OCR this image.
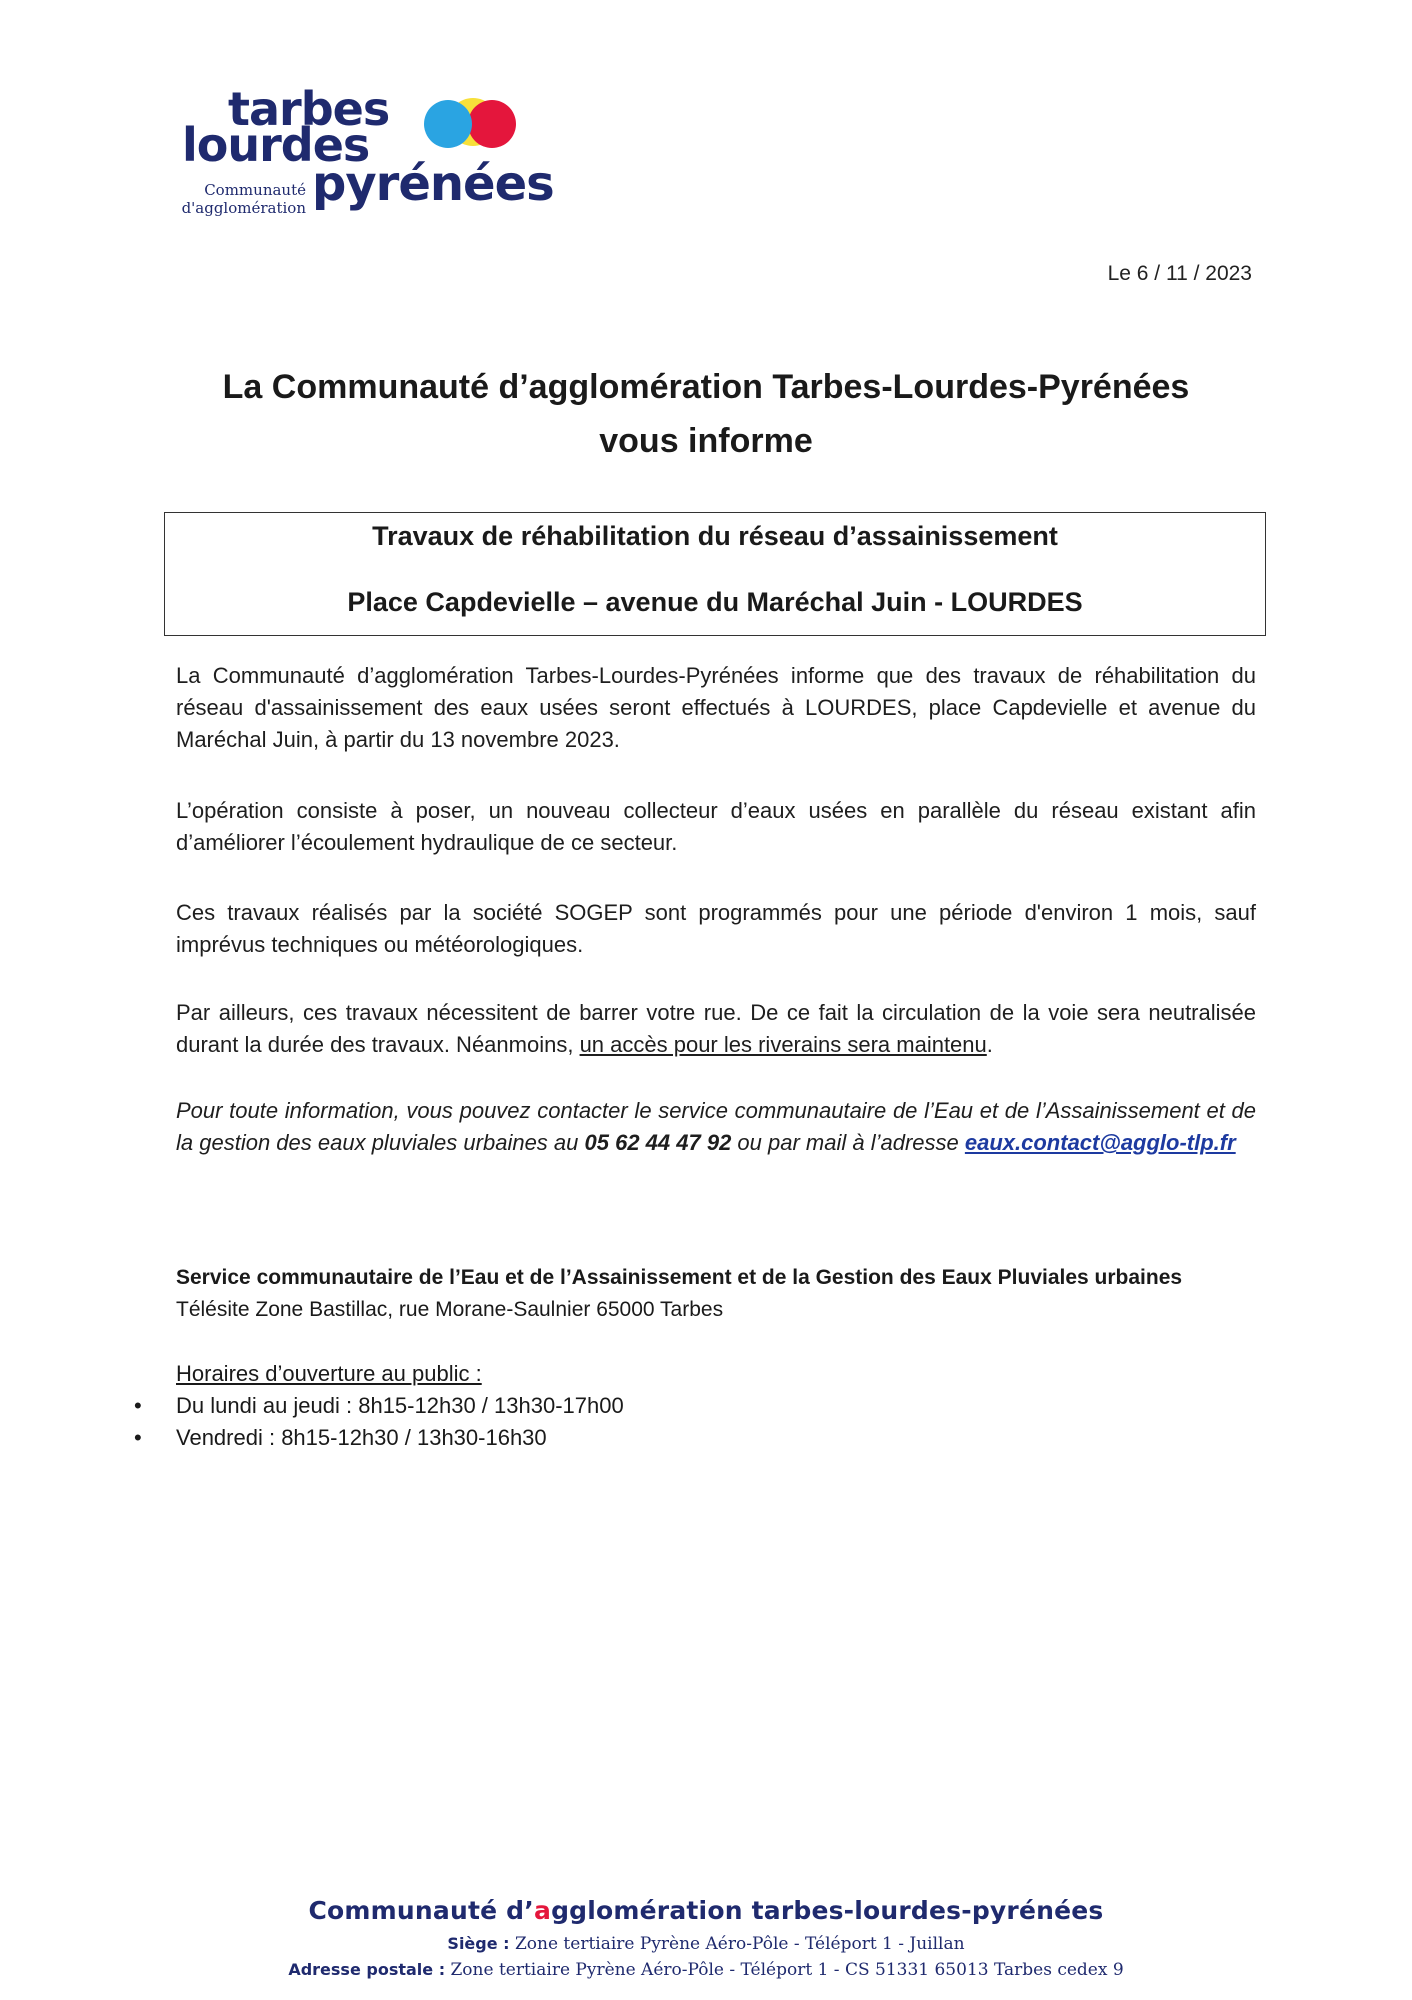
tarbes
lourdes
pyrénées
Communauté
d'agglomération
Le 6 / 11 / 2023
La Communauté d’agglomération Tarbes-Lourdes-Pyrénées
vous informe
Travaux de réhabilitation du réseau d’assainissement
Place Capdevielle – avenue du Maréchal Juin - LOURDES

La Communauté d’agglomération Tarbes-Lourdes-Pyrénées informe que des travaux de réhabilitation du réseau d'assainissement des eaux usées seront effectués à LOURDES, place Capdevielle et avenue du Maréchal Juin, à partir du 13 novembre 2023.

L’opération consiste à poser, un nouveau collecteur d’eaux usées en parallèle du réseau existant afin d’améliorer l’écoulement hydraulique de ce secteur.

Ces travaux réalisés par la société SOGEP sont programmés pour une période d'environ 1 mois, sauf imprévus techniques ou météorologiques.

Par ailleurs, ces travaux nécessitent de barrer votre rue. De ce fait la circulation de la voie sera neutralisée durant la durée des travaux. Néanmoins, un accès pour les riverains sera maintenu.

Pour toute information, vous pouvez contacter le service communautaire de l’Eau et de l’Assainissement et de la gestion des eaux pluviales urbaines au 05 62 44 47 92 ou par mail à l’adresse eaux.contact@agglo-tlp.fr

Service communautaire de l’Eau et de l’Assainissement et de la Gestion des Eaux Pluviales urbaines
Télésite Zone Bastillac, rue Morane-Saulnier 65000 Tarbes
Horaires d’ouverture au public :
• Du lundi au jeudi : 8h15-12h30 / 13h30-17h00
• Vendredi : 8h15-12h30 / 13h30-16h30
Communauté d’agglomération tarbes-lourdes-pyrénées
Siège : Zone tertiaire Pyrène Aéro-Pôle - Téléport 1 - Juillan
Adresse postale : Zone tertiaire Pyrène Aéro-Pôle - Téléport 1 - CS 51331 65013 Tarbes cedex 9
